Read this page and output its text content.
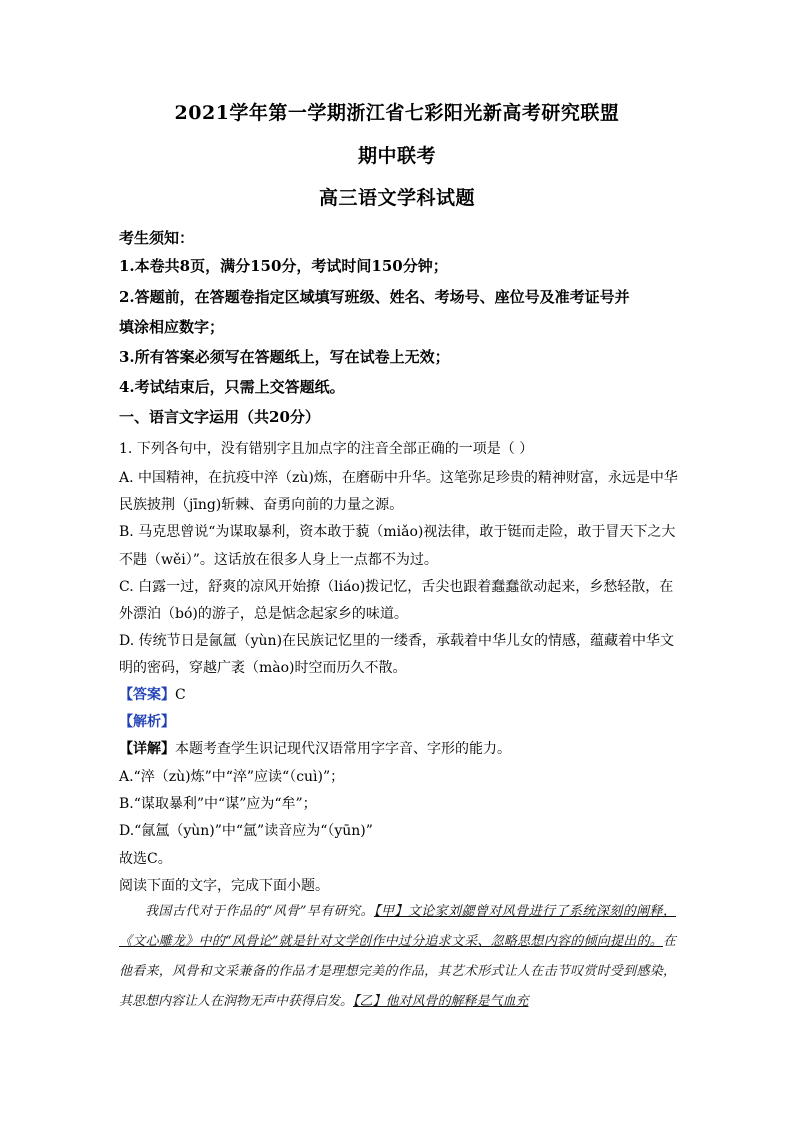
2021学年第一学期浙江省七彩阳光新高考研究联盟
期中联考
高三语文学科试题
考生须知：
1.本卷共8页，满分150分，考试时间150分钟；
2.答题前，在答题卷指定区域填写班级、姓名、考场号、座位号及准考证号并
填涂相应数字；
3.所有答案必须写在答题纸上，写在试卷上无效；
4.考试结束后，只需上交答题纸。
一、语言文字运用（共20分）
1. 下列各句中，没有错别字且加点字的注音全部正确的一项是（ ）
A. 中国精神，在抗疫中淬（zù)炼，在磨砺中升华。这笔弥足珍贵的精神财富，永远是中华
民族披荆（jīng)斩棘、奋勇向前的力量之源。
B. 马克思曾说“为谋取暴利，资本敢于藐（miǎo)视法律，敢于铤而走险，敢于冒天下之大
不韪（wěi）”。这话放在很多人身上一点都不为过。
C. 白露一过，舒爽的凉风开始撩（liáo)拨记忆，舌尖也跟着蠢蠢欲动起来，乡愁轻散，在
外漂泊（bó)的游子，总是惦念起家乡的味道。
D. 传统节日是氤氲（yùn)在民族记忆里的一缕香，承载着中华儿女的情感，蕴藏着中华文
明的密码，穿越广袤（mào)时空而历久不散。
【答案】C
【解析】
【详解】本题考查学生识记现代汉语常用字字音、字形的能力。
A.“淬（zù)炼”中“淬”应读“（cuì)”；
B.“谋取暴利”中“谋”应为“牟”；
D.“氤氲（yùn)”中“氲”读音应为“（yūn)”
故选C。
阅读下面的文字，完成下面小题。

我国古代对于作品的“风骨”早有研究。【甲】文论家刘勰曾对风骨进行了系统深刻的阐释，《文心雕龙》中的“风骨论”就是针对文学创作中过分追求文采、忽略思想内容的倾向提出的。在他看来，风骨和文采兼备的作品才是理想完美的作品，其艺术形式让人在击节叹赏时受到感染，其思想内容让人在润物无声中获得启发。【乙】他对风骨的解释是气血充
